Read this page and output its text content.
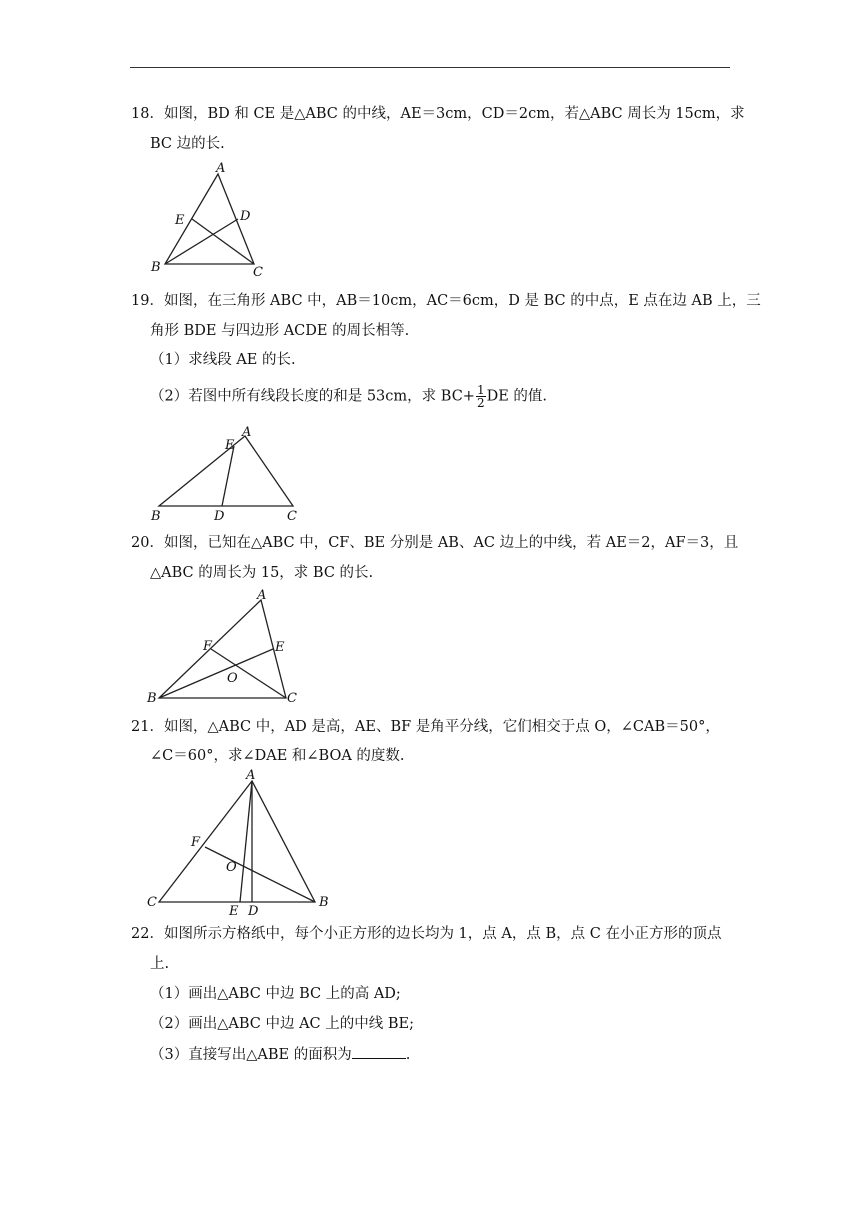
18．如图，BD 和 CE 是△ABC 的中线，AE＝3cm，CD＝2cm，若△ABC 周长为 15cm，求
BC 边的长.
A
B	C
D
E
19．如图，在三角形 ABC 中，AB＝10cm，AC＝6cm，D 是 BC 的中点，E 点在边 AB 上，三
角形 BDE 与四边形 ACDE 的周长相等.
（1）求线段 AE 的长.
（2）若图中所有线段长度的和是 53cm，求 $BC+ \frac{1}{2}$ DE 的值.
A
E
B	D	C
20．如图，已知在△ABC 中，CF、BE 分别是 AB、AC 边上的中线，若 AE＝2，AF＝3，且
△ABC 的周长为 15，求 BC 的长.
A
B	C
E
F
O
21．如图，△ABC 中，AD 是高，AE、BF 是角平分线，它们相交于点 O，∠CAB＝50°，
∠C＝60°，求∠DAE 和∠BOA 的度数.
A
C	B
F
O
E D
22．如图所示方格纸中，每个小正方形的边长均为 1，点 A，点 B，点 C 在小正方形的顶点
上.
（1）画出△ABC 中边 BC 上的高 AD;
（2）画出△ABC 中边 AC 上的中线 BE;
（3）直接写出△ABE 的面积为	.
